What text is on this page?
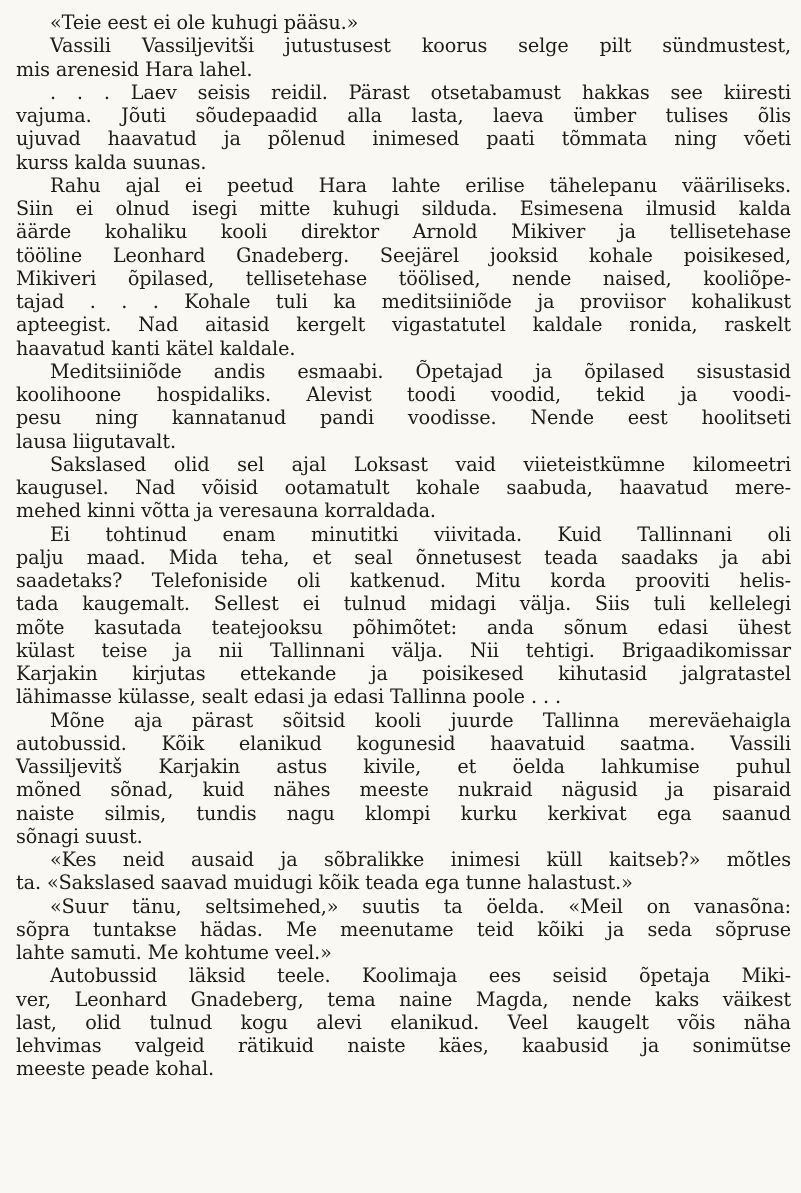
«Teie eest ei ole kuhugi pääsu.»
Vassili Vassiljevitši jutustusest koorus selge pilt sündmustest,
mis arenesid Hara lahel.
. . . Laev seisis reidil. Pärast otsetabamust hakkas see kiiresti
vajuma. Jõuti sõudepaadid alla lasta, laeva ümber tulises õlis
ujuvad haavatud ja põlenud inimesed paati tõmmata ning võeti
kurss kalda suunas.
Rahu ajal ei peetud Hara lahte erilise tähelepanu vääriliseks.
Siin ei olnud isegi mitte kuhugi silduda. Esimesena ilmusid kalda
äärde kohaliku kooli direktor Arnold Mikiver ja tellisetehase
tööline Leonhard Gnadeberg. Seejärel jooksid kohale poisikesed,
Mikiveri õpilased, tellisetehase töölised, nende naised, kooliõpe-
tajad . . . Kohale tuli ka meditsiiniõde ja proviisor kohalikust
apteegist. Nad aitasid kergelt vigastatutel kaldale ronida, raskelt
haavatud kanti kätel kaldale.
Meditsiiniõde andis esmaabi. Õpetajad ja õpilased sisustasid
koolihoone hospidaliks. Alevist toodi voodid, tekid ja voodi-
pesu ning kannatanud pandi voodisse. Nende eest hoolitseti
lausa liigutavalt.
Sakslased olid sel ajal Loksast vaid viieteistkümne kilomeetri
kaugusel. Nad võisid ootamatult kohale saabuda, haavatud mere-
mehed kinni võtta ja veresauna korraldada.
Ei tohtinud enam minutitki viivitada. Kuid Tallinnani oli
palju maad. Mida teha, et seal õnnetusest teada saadaks ja abi
saadetaks? Telefoniside oli katkenud. Mitu korda prooviti helis-
tada kaugemalt. Sellest ei tulnud midagi välja. Siis tuli kellelegi
mõte kasutada teatejooksu põhimõtet: anda sõnum edasi ühest
külast teise ja nii Tallinnani välja. Nii tehtigi. Brigaadikomissar
Karjakin kirjutas ettekande ja poisikesed kihutasid jalgratastel
lähimasse külasse, sealt edasi ja edasi Tallinna poole . . .
Mõne aja pärast sõitsid kooli juurde Tallinna mereväehaigla
autobussid. Kõik elanikud kogunesid haavatuid saatma. Vassili
Vassiljevitš Karjakin astus kivile, et öelda lahkumise puhul
mõned sõnad, kuid nähes meeste nukraid nägusid ja pisaraid
naiste silmis, tundis nagu klompi kurku kerkivat ega saanud
sõnagi suust.
«Kes neid ausaid ja sõbralikke inimesi küll kaitseb?» mõtles
ta. «Sakslased saavad muidugi kõik teada ega tunne halastust.»
«Suur tänu, seltsimehed,» suutis ta öelda. «Meil on vanasõna:
sõpra tuntakse hädas. Me meenutame teid kõiki ja seda sõpruse
lahte samuti. Me kohtume veel.»
Autobussid läksid teele. Koolimaja ees seisid õpetaja Miki-
ver, Leonhard Gnadeberg, tema naine Magda, nende kaks väikest
last, olid tulnud kogu alevi elanikud. Veel kaugelt võis näha
lehvimas valgeid rätikuid naiste käes, kaabusid ja sonimütse
meeste peade kohal.
